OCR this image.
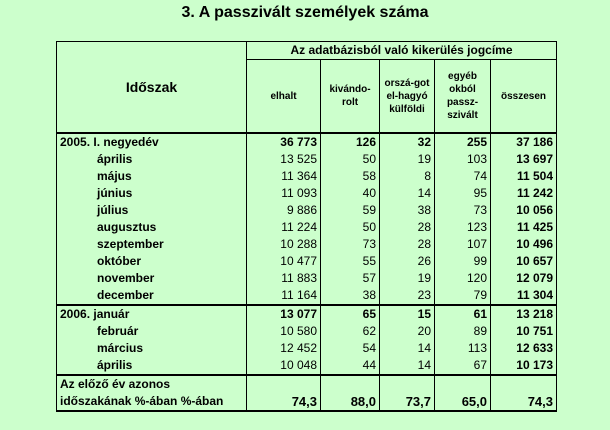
3. A passzivált személyek száma
Időszak	Az adatbázisból való kikerülés jogcíme				
	elhalt	kivándo-rolt	orszá-got el-hagyó külföldi	egyéb okból passz-szivált	összesen
2005. I. negyedév	36 773	126	32	255	37 186
április	13 525	50	19	103	13 697
május	11 364	58	8	74	11 504
június	11 093	40	14	95	11 242
július	9 886	59	38	73	10 056
augusztus	11 224	50	28	123	11 425
szeptember	10 288	73	28	107	10 496
október	10 477	55	26	99	10 657
november	11 883	57	19	120	12 079
december	11 164	38	23	79	11 304
2006. január	13 077	65	15	61	13 218
február	10 580	62	20	89	10 751
március	12 452	54	14	113	12 633
április	10 048	44	14	67	10 173
Az előző év azonos időszakának %-ában %-ában	74,3	88,0	73,7	65,0	74,3
